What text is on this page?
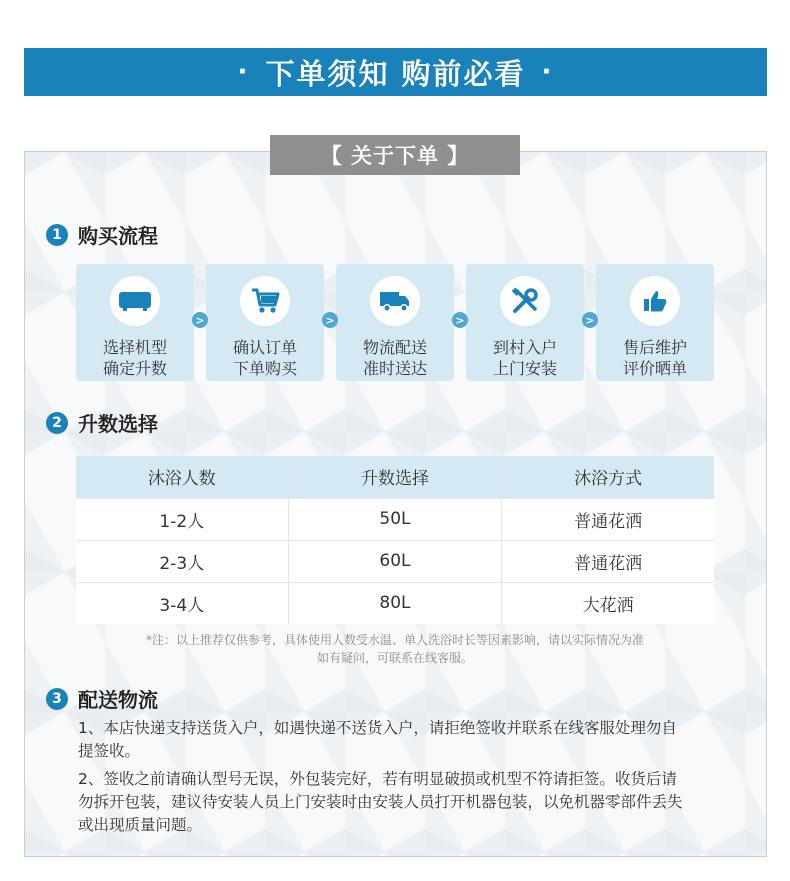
· 下单须知 购前必看 ·
【 关于下单 】
1 购买流程
选择机型
确定升数
>
确认订单
下单购买
>
物流配送
准时送达
>
到村入户
上门安装
>
售后维护
评价晒单
2 升数选择
沐浴人数	升数选择	沐浴方式
1-2人	50L	普通花洒
2-3人	60L	普通花洒
3-4人	80L	大花洒
*注：以上推荐仅供参考，具体使用人数受水温、单人洗浴时长等因素影响，请以实际情况为准
如有疑问，可联系在线客服。
3 配送物流

1、本店快递支持送货入户，如遇快递不送货入户，请拒绝签收并联系在线客服处理勿自提签收。

2、签收之前请确认型号无误，外包装完好，若有明显破损或机型不符请拒签。收货后请勿拆开包装，建议待安装人员上门安装时由安装人员打开机器包装，以免机器零部件丢失或出现质量问题。
